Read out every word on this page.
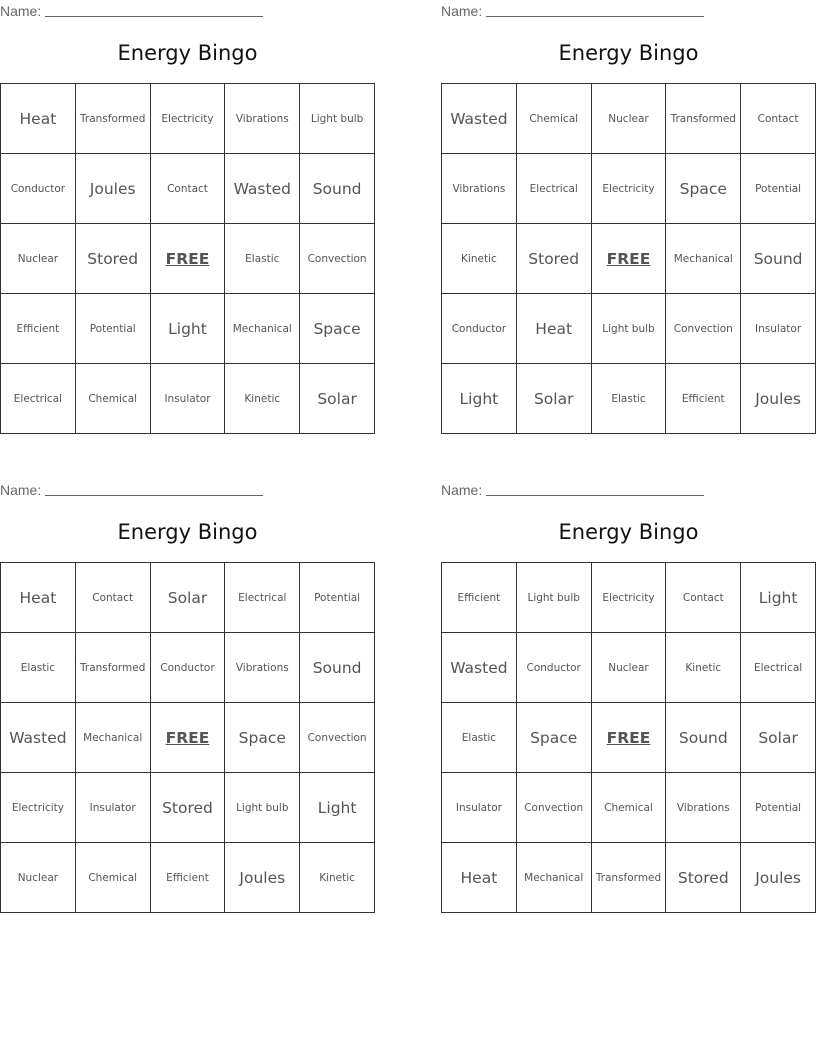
Name:
Energy Bingo
Heat	Transformed	Electricity	Vibrations	Light bulb
Conductor	Joules	Contact	Wasted	Sound
Nuclear	Stored	FREE	Elastic	Convection
Efficient	Potential	Light	Mechanical	Space
Electrical	Chemical	Insulator	Kinetic	Solar
Name:
Energy Bingo
Wasted	Chemical	Nuclear	Transformed	Contact
Vibrations	Electrical	Electricity	Space	Potential
Kinetic	Stored	FREE	Mechanical	Sound
Conductor	Heat	Light bulb	Convection	Insulator
Light	Solar	Elastic	Efficient	Joules
Name:
Energy Bingo
Heat	Contact	Solar	Electrical	Potential
Elastic	Transformed	Conductor	Vibrations	Sound
Wasted	Mechanical	FREE	Space	Convection
Electricity	Insulator	Stored	Light bulb	Light
Nuclear	Chemical	Efficient	Joules	Kinetic
Name:
Energy Bingo
Efficient	Light bulb	Electricity	Contact	Light
Wasted	Conductor	Nuclear	Kinetic	Electrical
Elastic	Space	FREE	Sound	Solar
Insulator	Convection	Chemical	Vibrations	Potential
Heat	Mechanical	Transformed	Stored	Joules
